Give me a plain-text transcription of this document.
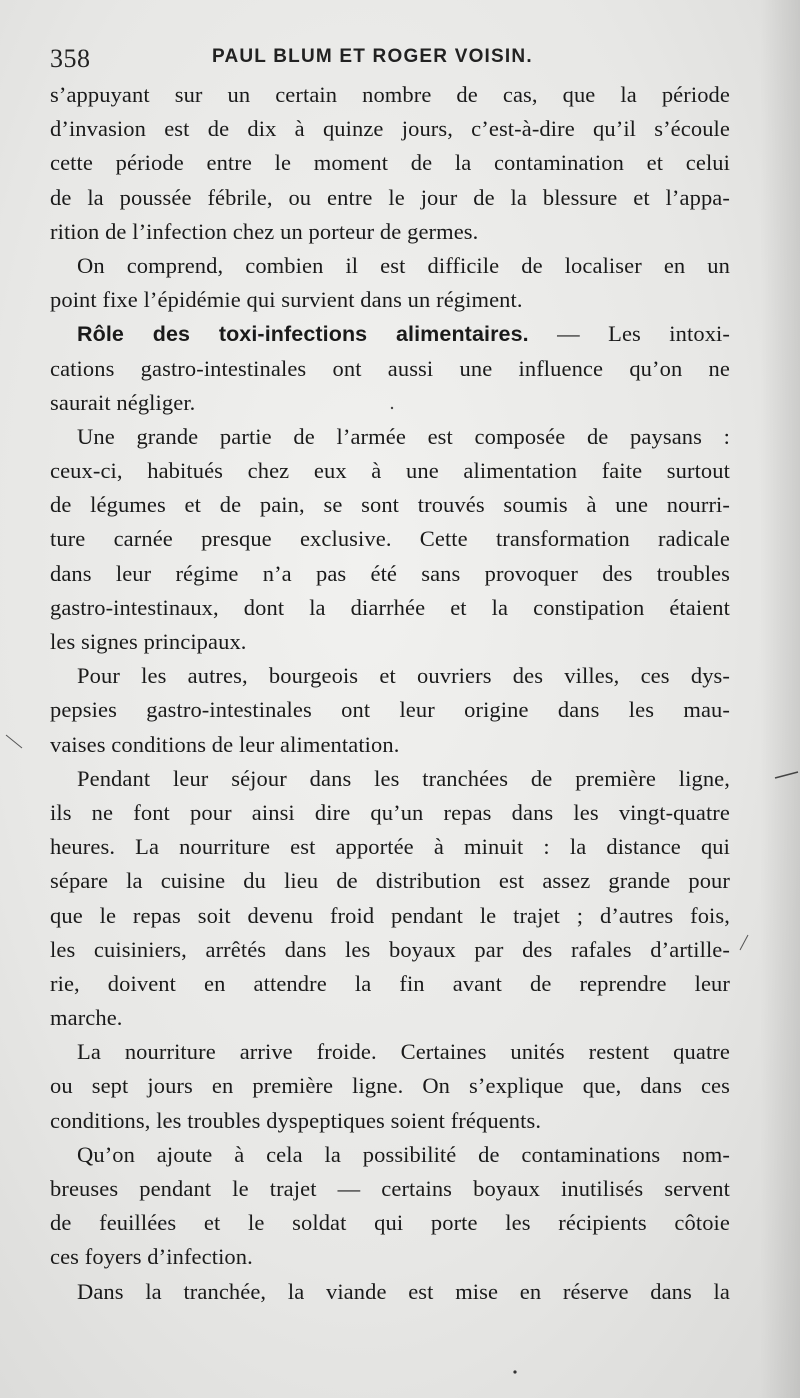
358	PAUL BLUM ET ROGER VOISIN.
s’appuyant sur un certain nombre de cas, que la période
d’invasion est de dix à quinze jours, c’est-à-dire qu’il s’écoule
cette période entre le moment de la contamination et celui
de la poussée fébrile, ou entre le jour de la blessure et l’appa-
rition de l’infection chez un porteur de germes.
On comprend, combien il est difficile de localiser en un
point fixe l’épidémie qui survient dans un régiment.
Rôle des toxi-infections alimentaires. — Les intoxi-
cations gastro-intestinales ont aussi une influence qu’on ne
saurait négliger.
Une grande partie de l’armée est composée de paysans :
ceux-ci, habitués chez eux à une alimentation faite surtout
de légumes et de pain, se sont trouvés soumis à une nourri-
ture carnée presque exclusive. Cette transformation radicale
dans leur régime n’a pas été sans provoquer des troubles
gastro-intestinaux, dont la diarrhée et la constipation étaient
les signes principaux.
Pour les autres, bourgeois et ouvriers des villes, ces dys-
pepsies gastro-intestinales ont leur origine dans les mau-
vaises conditions de leur alimentation.
Pendant leur séjour dans les tranchées de première ligne,
ils ne font pour ainsi dire qu’un repas dans les vingt-quatre
heures. La nourriture est apportée à minuit : la distance qui
sépare la cuisine du lieu de distribution est assez grande pour
que le repas soit devenu froid pendant le trajet ; d’autres fois,
les cuisiniers, arrêtés dans les boyaux par des rafales d’artille-
rie, doivent en attendre la fin avant de reprendre leur
marche.
La nourriture arrive froide. Certaines unités restent quatre
ou sept jours en première ligne. On s’explique que, dans ces
conditions, les troubles dyspeptiques soient fréquents.
Qu’on ajoute à cela la possibilité de contaminations nom-
breuses pendant le trajet — certains boyaux inutilisés servent
de feuillées et le soldat qui porte les récipients côtoie
ces foyers d’infection.
Dans la tranchée, la viande est mise en réserve dans la
